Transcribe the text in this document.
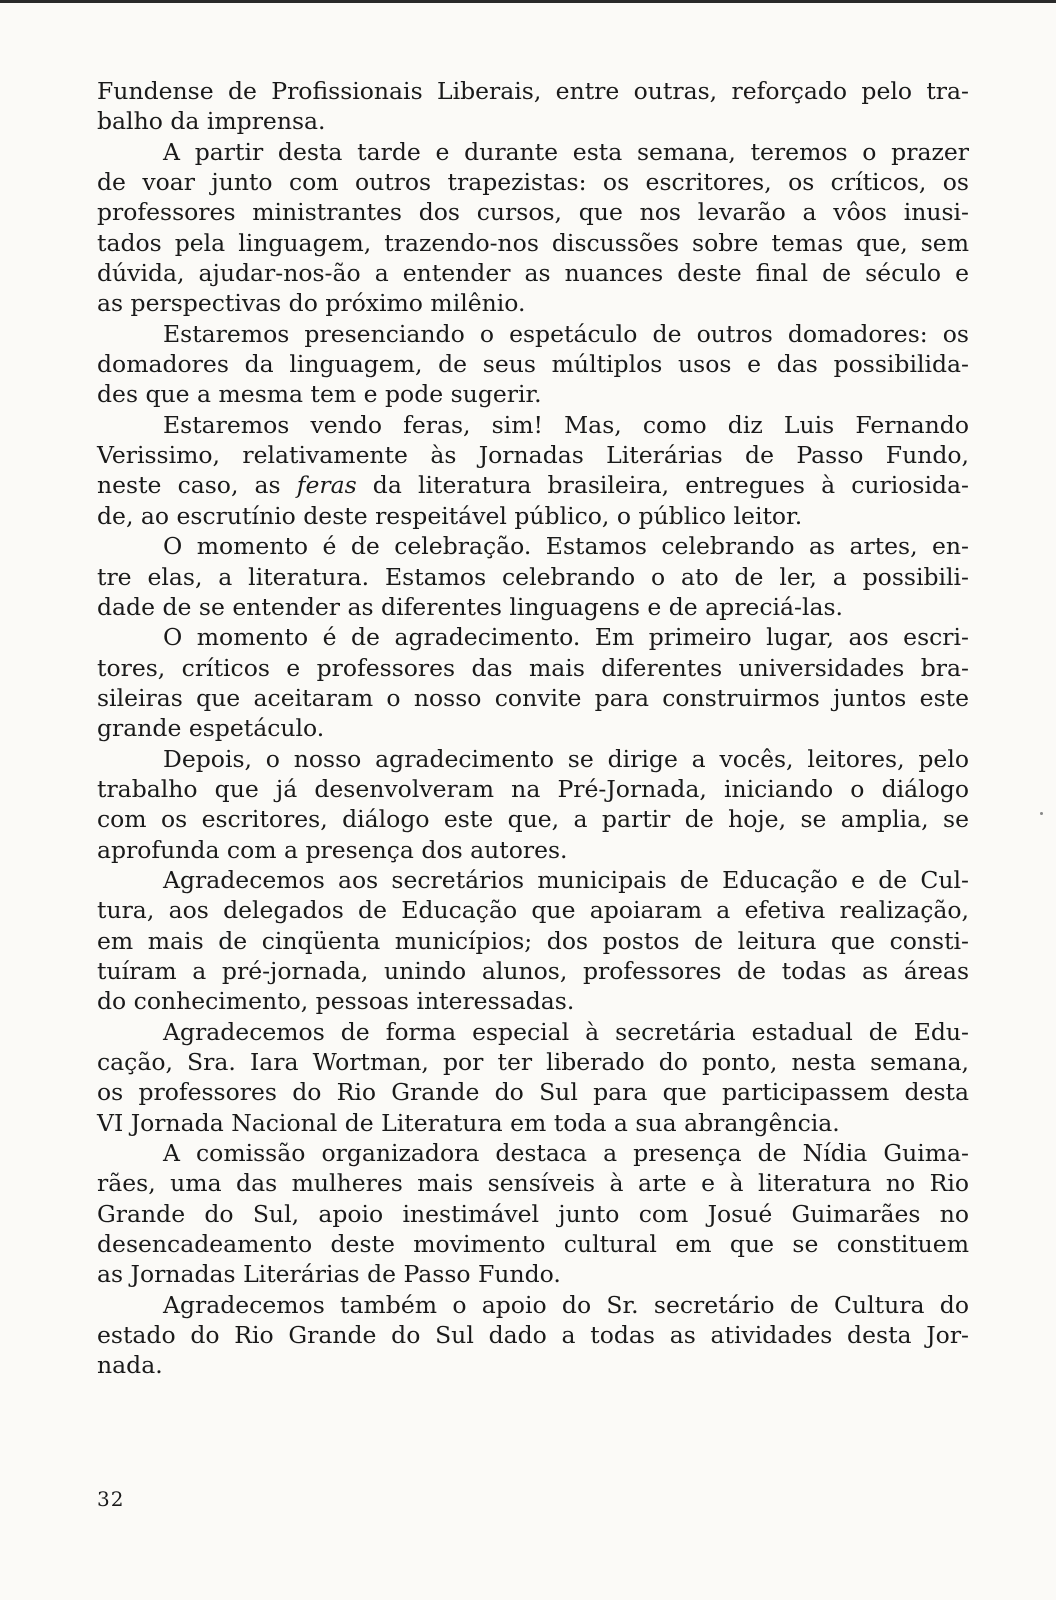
Fundense de Profissionais Liberais, entre outras, reforçado pelo tra-
balho da imprensa.
A partir desta tarde e durante esta semana, teremos o prazer
de voar junto com outros trapezistas: os escritores, os críticos, os
professores ministrantes dos cursos, que nos levarão a vôos inusi-
tados pela linguagem, trazendo-nos discussões sobre temas que, sem
dúvida, ajudar-nos-ão a entender as nuances deste final de século e
as perspectivas do próximo milênio.
Estaremos presenciando o espetáculo de outros domadores: os
domadores da linguagem, de seus múltiplos usos e das possibilida-
des que a mesma tem e pode sugerir.
Estaremos vendo feras, sim! Mas, como diz Luis Fernando
Verissimo, relativamente às Jornadas Literárias de Passo Fundo,
neste caso, as feras da literatura brasileira, entregues à curiosida-
de, ao escrutínio deste respeitável público, o público leitor.
O momento é de celebração. Estamos celebrando as artes, en-
tre elas, a literatura. Estamos celebrando o ato de ler, a possibili-
dade de se entender as diferentes linguagens e de apreciá-las.
O momento é de agradecimento. Em primeiro lugar, aos escri-
tores, críticos e professores das mais diferentes universidades bra-
sileiras que aceitaram o nosso convite para construirmos juntos este
grande espetáculo.
Depois, o nosso agradecimento se dirige a vocês, leitores, pelo
trabalho que já desenvolveram na Pré-Jornada, iniciando o diálogo
com os escritores, diálogo este que, a partir de hoje, se amplia, se
aprofunda com a presença dos autores.
Agradecemos aos secretários municipais de Educação e de Cul-
tura, aos delegados de Educação que apoiaram a efetiva realização,
em mais de cinqüenta municípios; dos postos de leitura que consti-
tuíram a pré-jornada, unindo alunos, professores de todas as áreas
do conhecimento, pessoas interessadas.
Agradecemos de forma especial à secretária estadual de Edu-
cação, Sra. Iara Wortman, por ter liberado do ponto, nesta semana,
os professores do Rio Grande do Sul para que participassem desta
VI Jornada Nacional de Literatura em toda a sua abrangência.
A comissão organizadora destaca a presença de Nídia Guima-
rães, uma das mulheres mais sensíveis à arte e à literatura no Rio
Grande do Sul, apoio inestimável junto com Josué Guimarães no
desencadeamento deste movimento cultural em que se constituem
as Jornadas Literárias de Passo Fundo.
Agradecemos também o apoio do Sr. secretário de Cultura do
estado do Rio Grande do Sul dado a todas as atividades desta Jor-
nada.
32
